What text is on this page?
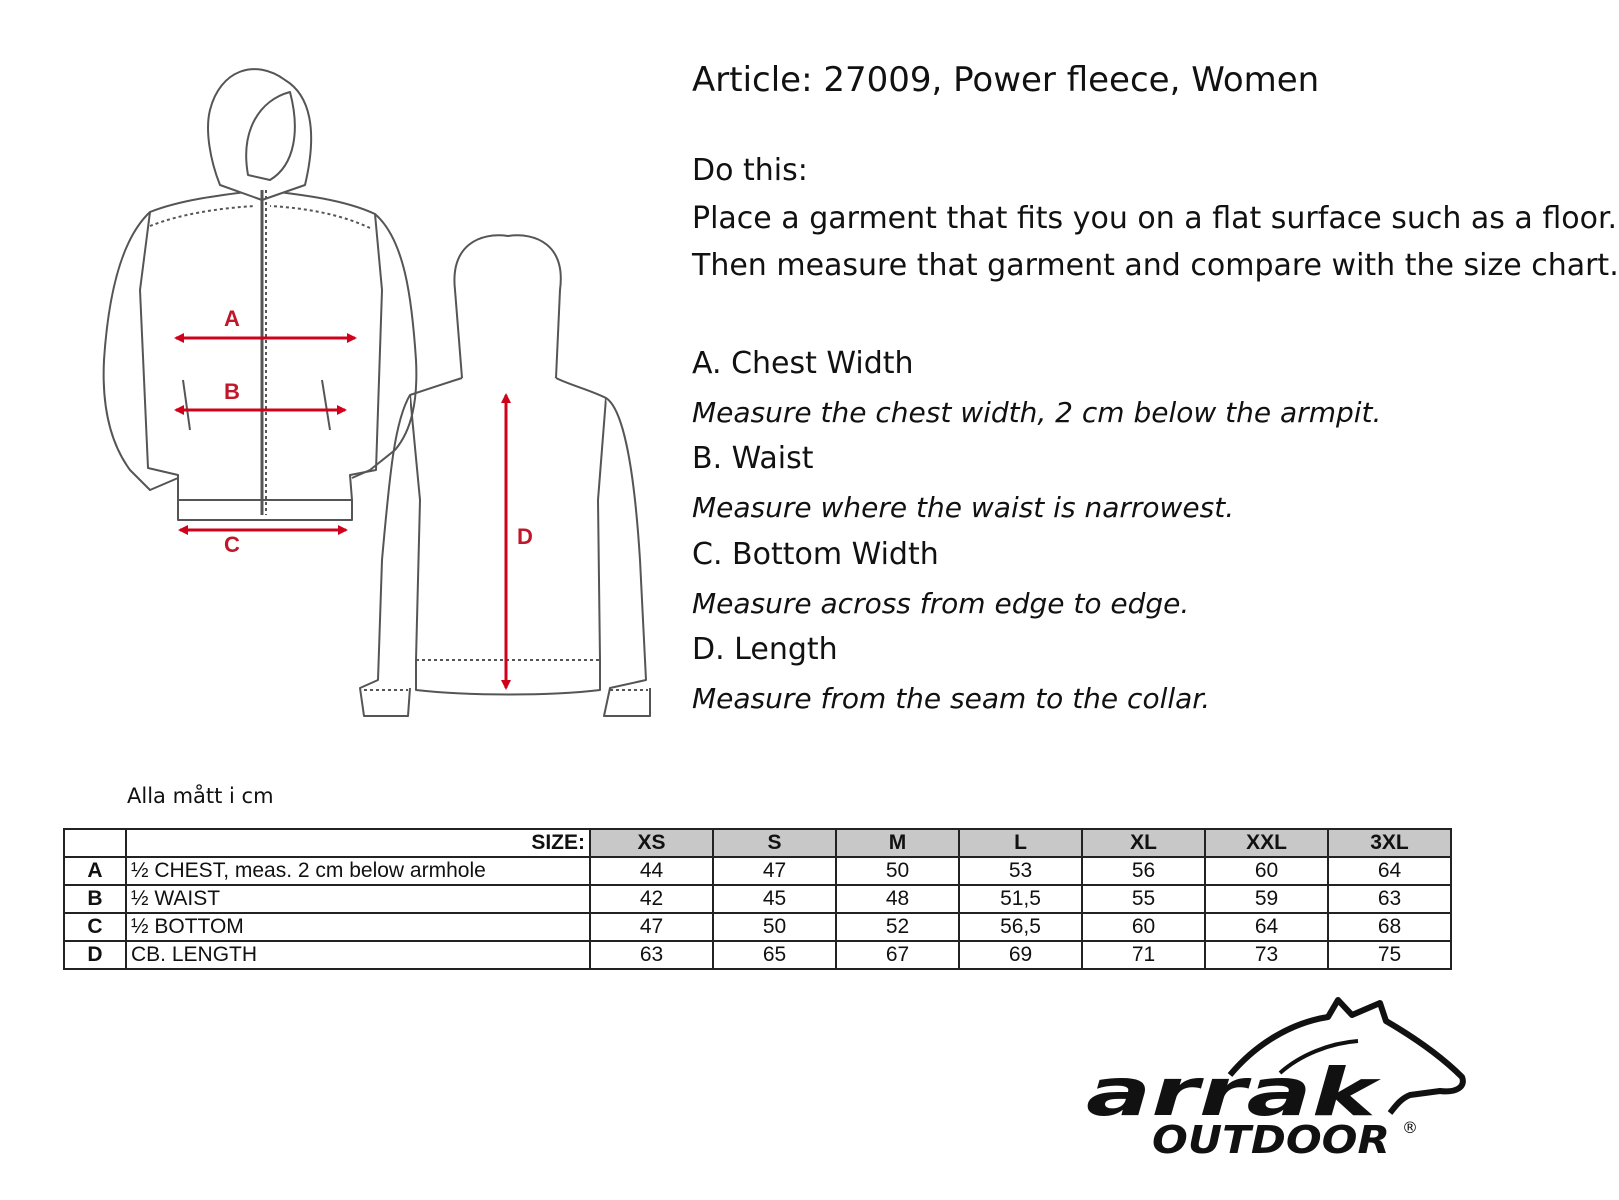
A
B
C	D
Article: 27009, Power fleece, Women
Do this:
Place a garment that fits you on a flat surface such as a floor.
Then measure that garment and compare with the size chart.
A. Chest Width
Measure the chest width, 2 cm below the armpit.
B. Waist
Measure where the waist is narrowest.
C. Bottom Width
Measure across from edge to edge.
D. Length
Measure from the seam to the collar.
Alla mått i cm
	SIZE:	XS	S	M	L	XL	XXL	3XL
A	½ CHEST, meas. 2 cm below armhole	44	47	50	53	56	60	64
B	½ WAIST	42	45	48	51,5	55	59	63
C	½ BOTTOM	47	50	52	56,5	60	64	68
D	CB. LENGTH	63	65	67	69	71	73	75
arrak
OUTDOOR ®
